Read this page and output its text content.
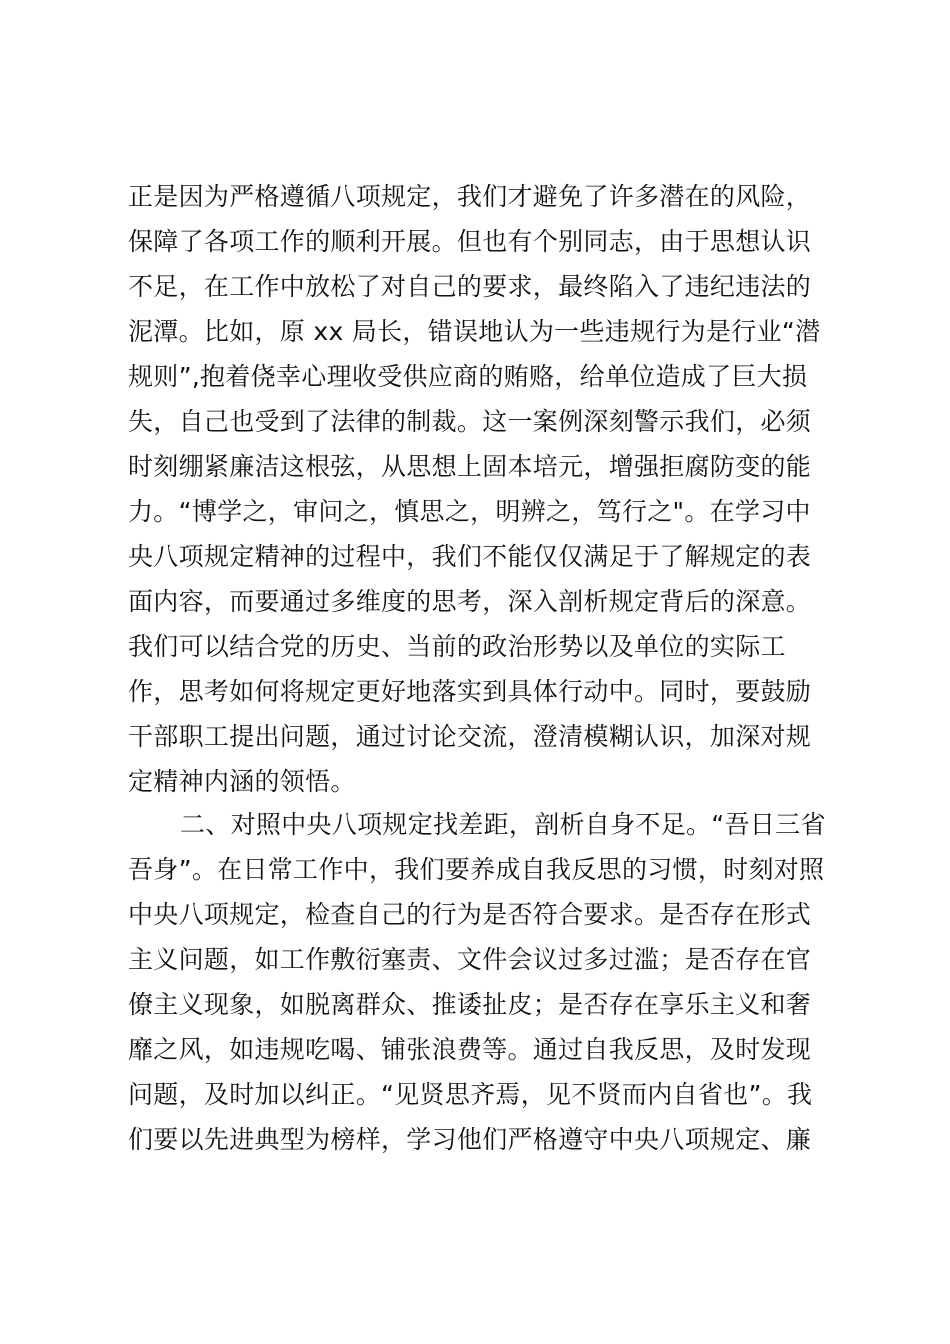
正是因为严格遵循八项规定，我们才避免了许多潜在的风险，
保障了各项工作的顺利开展。但也有个别同志，由于思想认识
不足，在工作中放松了对自己的要求，最终陷入了违纪违法的
泥潭。比如，原 xx 局长，错误地认为一些违规行为是行业“潜
规则”,抱着侥幸心理收受供应商的贿赂，给单位造成了巨大损
失，自己也受到了法律的制裁。这一案例深刻警示我们，必须
时刻绷紧廉洁这根弦，从思想上固本培元，增强拒腐防变的能
力。“博学之，审问之，慎思之，明辨之，笃行之"。在学习中
央八项规定精神的过程中，我们不能仅仅满足于了解规定的表
面内容，而要通过多维度的思考，深入剖析规定背后的深意。
我们可以结合党的历史、当前的政治形势以及单位的实际工
作，思考如何将规定更好地落实到具体行动中。同时，要鼓励
干部职工提出问题，通过讨论交流，澄清模糊认识，加深对规
定精神内涵的领悟。
二、对照中央八项规定找差距，剖析自身不足。“吾日三省
吾身”。在日常工作中，我们要养成自我反思的习惯，时刻对照
中央八项规定，检查自己的行为是否符合要求。是否存在形式
主义问题，如工作敷衍塞责、文件会议过多过滥；是否存在官
僚主义现象，如脱离群众、推诿扯皮；是否存在享乐主义和奢
靡之风，如违规吃喝、铺张浪费等。通过自我反思，及时发现
问题，及时加以纠正。“见贤思齐焉，见不贤而内自省也”。我
们要以先进典型为榜样，学习他们严格遵守中央八项规定、廉
